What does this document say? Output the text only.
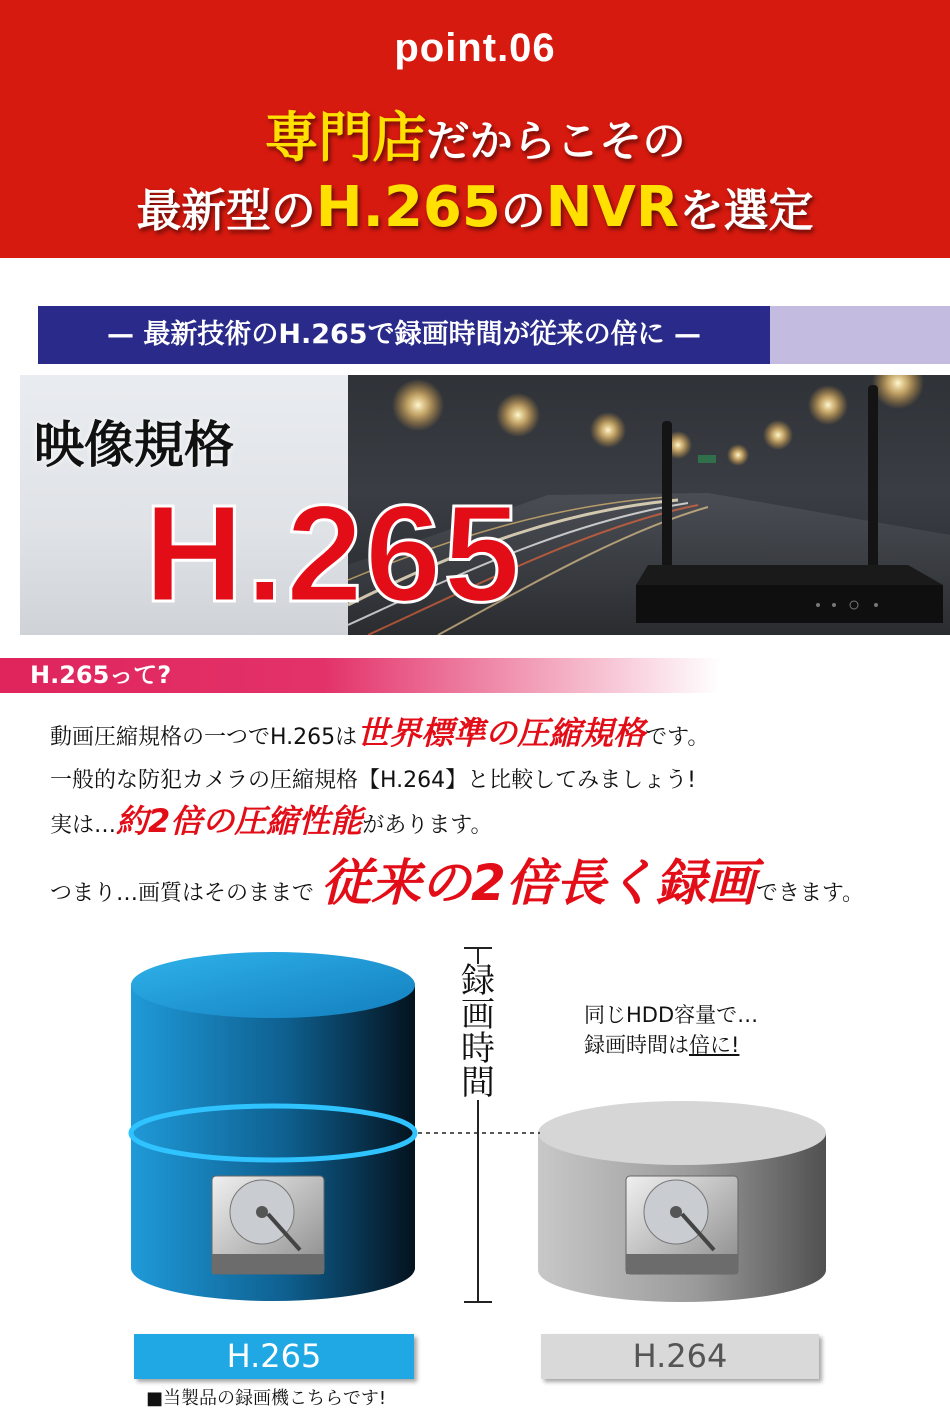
point.06
専門店だからこその
最新型のH.265のNVRを選定
— 最新技術のH.265で録画時間が従来の倍に —
映像規格
H.265
H.265って?
動画圧縮規格の一つでH.265は世界標準の圧縮規格です。
一般的な防犯カメラの圧縮規格【H.264】と比較してみましょう!
実は…約2倍の圧縮性能があります。
つまり…画質はそのままで 従来の2倍長く録画できます。
録
画
時
間
同じHDD容量で…
録画時間は倍に!
H.265	H.264
■当製品の録画機こちらです!
